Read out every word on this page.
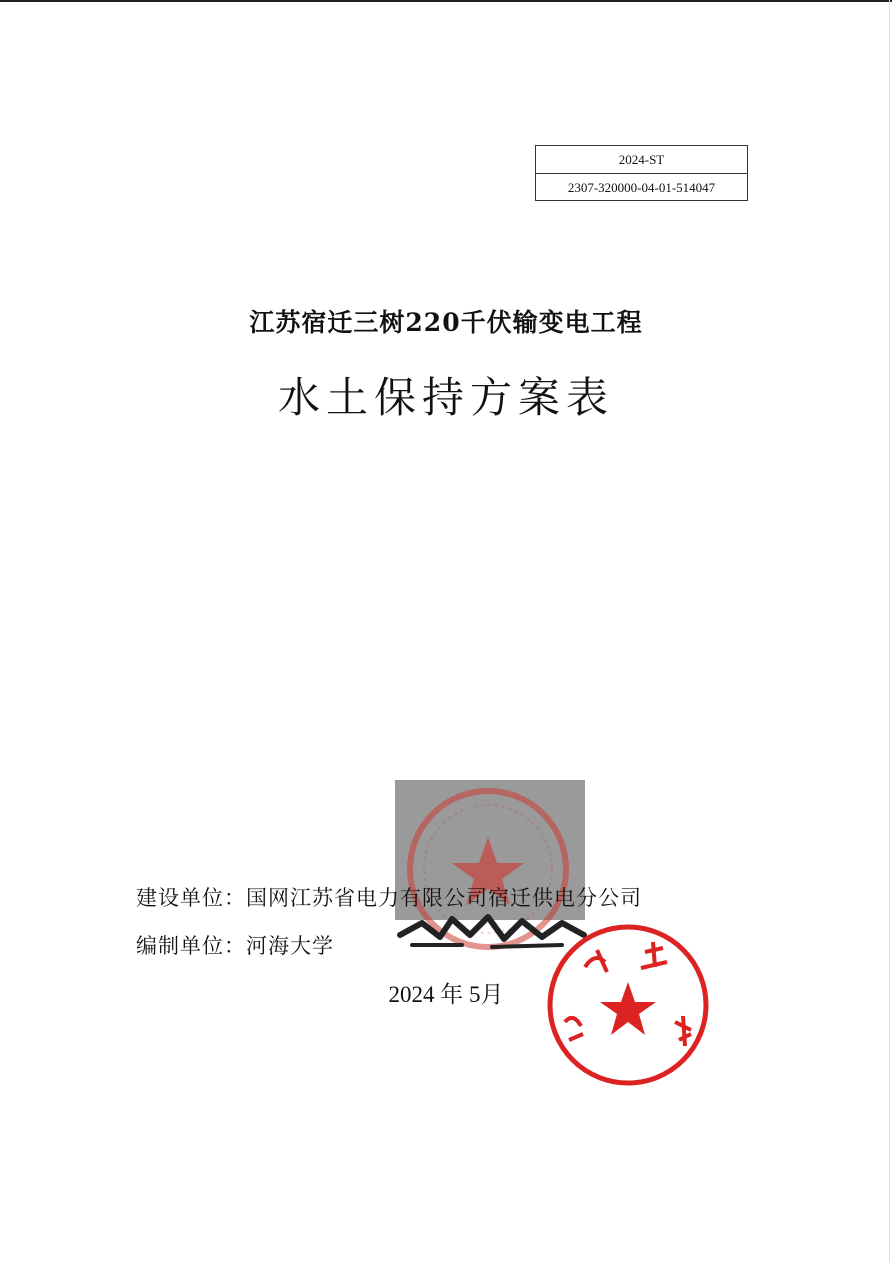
2024-ST
2307-320000-04-01-514047
江苏宿迁三树220千伏输变电工程
水土保持方案表
建设单位：国网江苏省电力有限公司宿迁供电分公司
编制单位：河海大学
2024 年 5月
